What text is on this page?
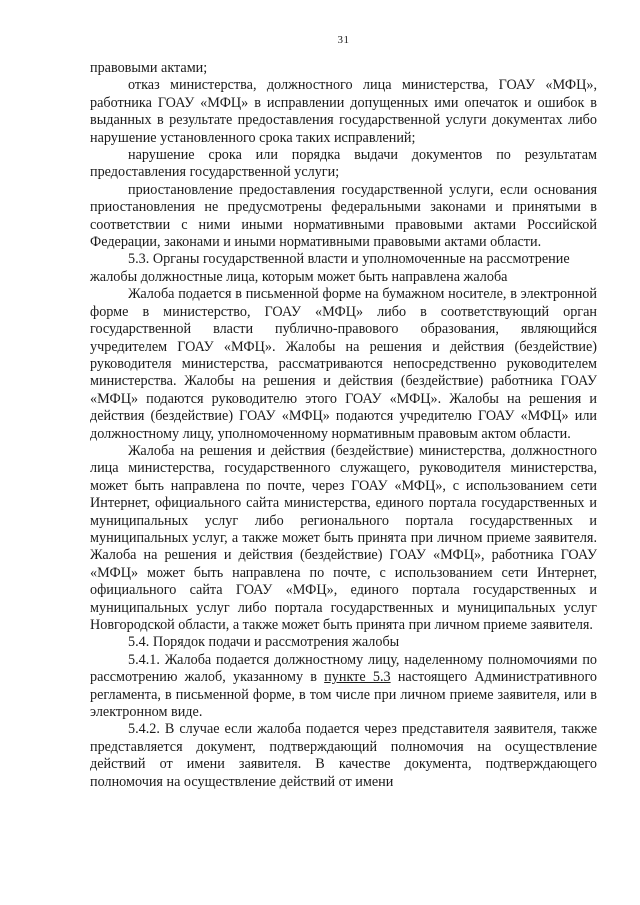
31

правовыми актами;

отказ министерства, должностного лица министерства, ГОАУ «МФЦ», работника ГОАУ «МФЦ» в исправлении допущенных ими опечаток и ошибок в выданных в результате предоставления государственной услуги документах либо нарушение установленного срока таких исправлений;

нарушение срока или порядка выдачи документов по результатам предоставления государственной услуги;

приостановление предоставления государственной услуги, если основания приостановления не предусмотрены федеральными законами и принятыми в соответствии с ними иными нормативными правовыми актами Российской Федерации, законами и иными нормативными правовыми актами области.

5.3. Органы государственной власти и уполномоченные на рассмотрение жалобы должностные лица, которым может быть направлена жалоба

Жалоба подается в письменной форме на бумажном носителе, в электронной форме в министерство, ГОАУ «МФЦ» либо в соответствующий орган государственной власти публично-правового образования, являющийся учредителем ГОАУ «МФЦ». Жалобы на решения и действия (бездействие) руководителя министерства, рассматриваются непосредственно руководителем министерства. Жалобы на решения и действия (бездействие) работника ГОАУ «МФЦ» подаются руководителю этого ГОАУ «МФЦ». Жалобы на решения и действия (бездействие) ГОАУ «МФЦ» подаются учредителю ГОАУ «МФЦ» или должностному лицу, уполномоченному нормативным правовым актом области.

Жалоба на решения и действия (бездействие) министерства, должностного лица министерства, государственного служащего, руководителя министерства, может быть направлена по почте, через ГОАУ «МФЦ», с использованием сети Интернет, официального сайта министерства, единого портала государственных и муниципальных услуг либо регионального портала государственных и муниципальных услуг, а также может быть принята при личном приеме заявителя. Жалоба на решения и действия (бездействие) ГОАУ «МФЦ», работника ГОАУ «МФЦ» может быть направлена по почте, с использованием сети Интернет, официального сайта ГОАУ «МФЦ», единого портала государственных и муниципальных услуг либо портала государственных и муниципальных услуг Новгородской области, а также может быть принята при личном приеме заявителя.

5.4. Порядок подачи и рассмотрения жалобы

5.4.1. Жалоба подается должностному лицу, наделенному полномочиями по рассмотрению жалоб, указанному в пункте 5.3 настоящего Административного регламента, в письменной форме, в том числе при личном приеме заявителя, или в электронном виде.

5.4.2. В случае если жалоба подается через представителя заявителя, также представляется документ, подтверждающий полномочия на осуществление действий от имени заявителя. В качестве документа, подтверждающего полномочия на осуществление действий от имени
